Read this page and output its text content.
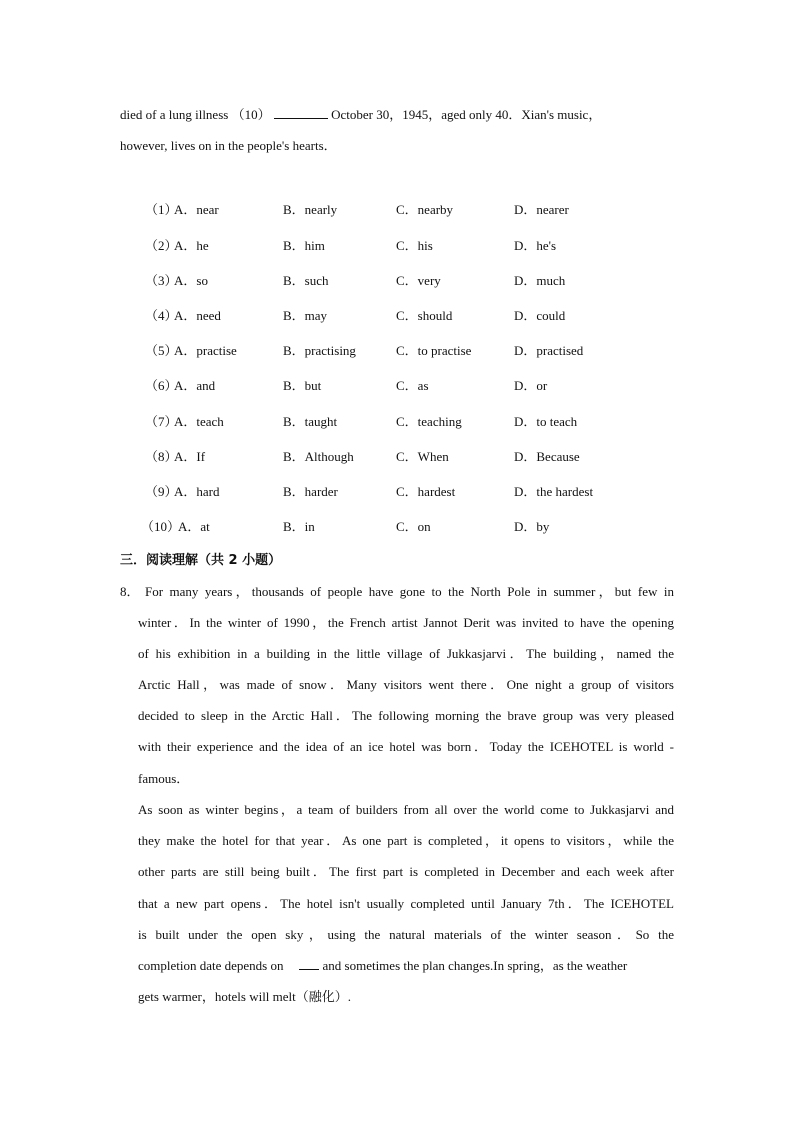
died of a lung illness （10）	October 30，1945，aged only 40．Xian's music，
however, lives on in the people's hearts．
（1）
A．near	B．nearly	C．nearby	D．nearer
（2）
A．he	B．him	C．his	D．he's
（3）
A．so	B．such	C．very	D．much
（4）
A．need	B．may	C．should	D．could
（5）
A．practise	B．practising	C．to practise	D．practised
（6）
A．and	B．but	C．as	D．or
（7）
A．teach	B．taught	C．teaching	D．to teach
（8）
A．If	B．Although	C．When	D．Because
（9）
A．hard	B．harder	C．hardest	D．the hardest
（10）
A．at	B．in	C．on	D．by
三．阅读理解（共 2 小题）
8． For many years，thousands of people have gone to the North Pole in summer，but few in
winter．In the winter of 1990，the French artist Jannot Derit was invited to have the opening
of his exhibition in a building in the little village of Jukkasjarvi．The building，named the
Arctic Hall，was made of snow．Many visitors went there．One night a group of visitors
decided to sleep in the Arctic Hall．The following morning the brave group was very pleased
with their experience and the idea of an ice hotel was born．Today the ICEHOTEL is world -
famous．
As soon as winter begins，a team of builders from all over the world come to Jukkasjarvi and
they make the hotel for that year．As one part is completed，it opens to visitors，while the
other parts are still being built．The first part is completed in December and each week after
that a new part opens．The hotel isn't usually completed until January 7th．The ICEHOTEL
is built under the open sky，using the natural materials of the winter season．So the
completion date depends on	and sometimes the plan changes.In spring，as the weather
gets warmer，hotels will melt（融化）.
